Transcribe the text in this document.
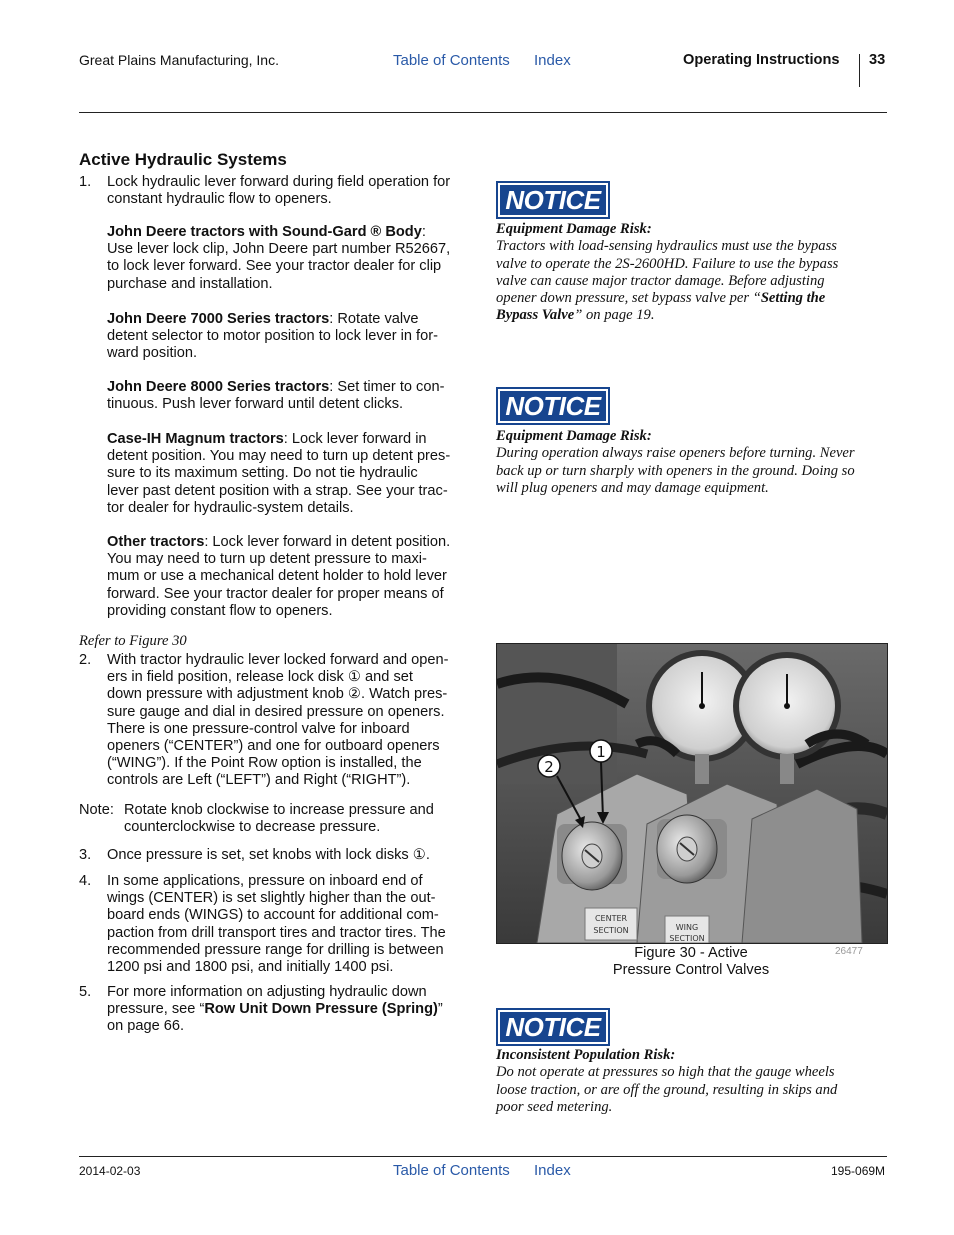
Great Plains Manufacturing, Inc.	Table of Contents Index	Operating Instructions 33
Active Hydraulic Systems
1.	Lock hydraulic lever forward during field operation for
constant hydraulic flow to openers.
John Deere tractors with Sound-Gard ® Body:
Use lever lock clip, John Deere part number R52667,
to lock lever forward. See your tractor dealer for clip
purchase and installation.
John Deere 7000 Series tractors: Rotate valve
detent selector to motor position to lock lever in for-
ward position.
John Deere 8000 Series tractors: Set timer to con-
tinuous. Push lever forward until detent clicks.
Case-IH Magnum tractors: Lock lever forward in
detent position. You may need to turn up detent pres-
sure to its maximum setting. Do not tie hydraulic
lever past detent position with a strap. See your trac-
tor dealer for hydraulic-system details.
Other tractors: Lock lever forward in detent position.
You may need to turn up detent pressure to maxi-
mum or use a mechanical detent holder to hold lever
forward. See your tractor dealer for proper means of
providing constant flow to openers.
Refer to Figure 30
2.	With tractor hydraulic lever locked forward and open-
ers in field position, release lock disk ① and set
down pressure with adjustment knob ②. Watch pres-
sure gauge and dial in desired pressure on openers.
There is one pressure-control valve for inboard
openers (“CENTER”) and one for outboard openers
(“WING”). If the Point Row option is installed, the
controls are Left (“LEFT”) and Right (“RIGHT”).
Note: Rotate knob clockwise to increase pressure and
counterclockwise to decrease pressure.
3.	Once pressure is set, set knobs with lock disks ①.
4.	In some applications, pressure on inboard end of
wings (CENTER) is set slightly higher than the out-
board ends (WINGS) to account for additional com-
paction from drill transport tires and tractor tires. The
recommended pressure range for drilling is between
1200 psi and 1800 psi, and initially 1400 psi.
5.	For more information on adjusting hydraulic down
pressure, see “Row Unit Down Pressure (Spring)”
on page 66.
NOTICE
Equipment Damage Risk:
Tractors with load-sensing hydraulics must use the bypass
valve to operate the 2S-2600HD. Failure to use the bypass
valve can cause major tractor damage. Before adjusting
opener down pressure, set bypass valve per “Setting the
Bypass Valve” on page 19.
NOTICE
Equipment Damage Risk:
During operation always raise openers before turning. Never
back up or turn sharply with openers in the ground. Doing so
will plug openers and may damage equipment.
CENTER
SECTION	WING
SECTION
1
2
Figure 30 - Active
Pressure Control Valves
26477
NOTICE
Inconsistent Population Risk:
Do not operate at pressures so high that the gauge wheels
loose traction, or are off the ground, resulting in skips and
poor seed metering.
2014-02-03	Table of Contents Index	195-069M
